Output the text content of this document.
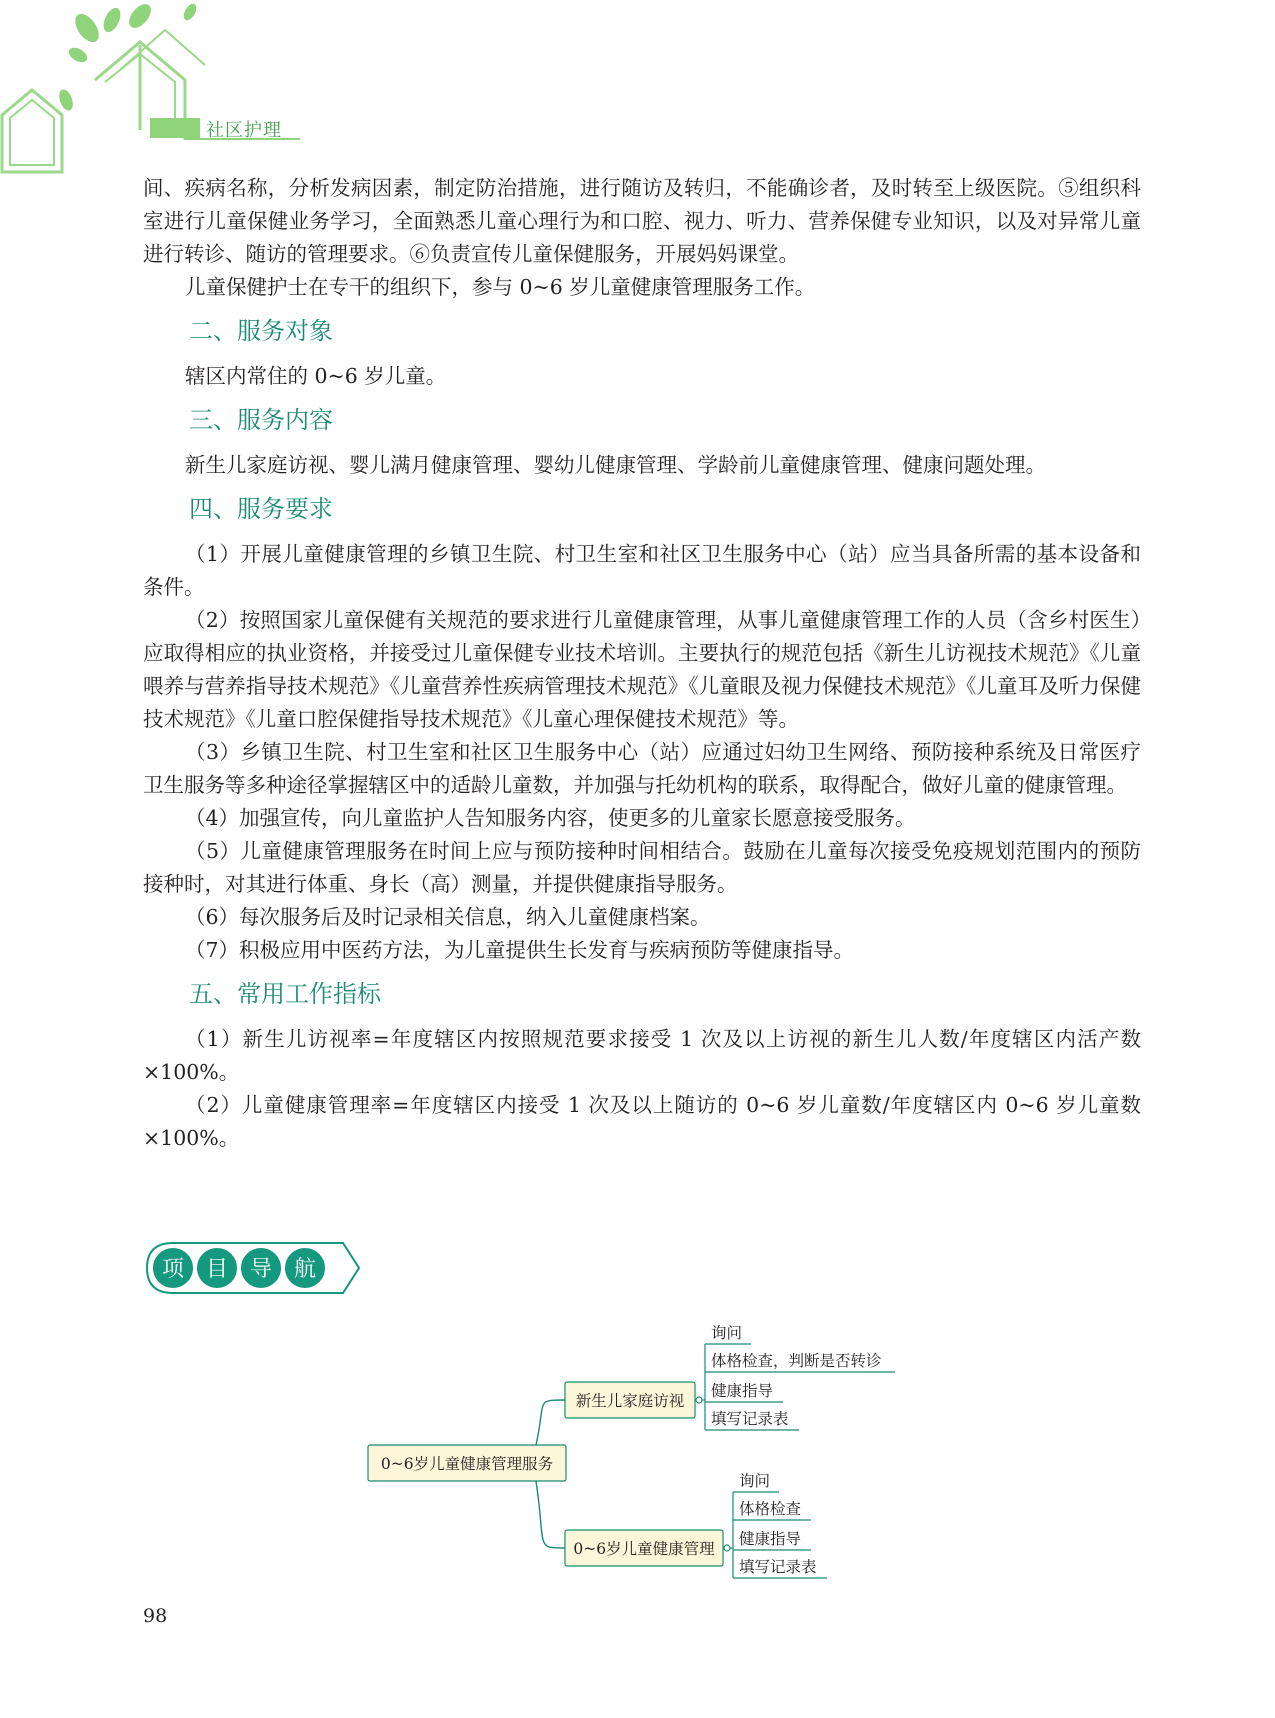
社区护理

间、疾病名称，分析发病因素，制定防治措施，进行随访及转归，不能确诊者，及时转至上级医院。⑤组织科室进行儿童保健业务学习，全面熟悉儿童心理行为和口腔、视力、听力、营养保健专业知识，以及对异常儿童进行转诊、随访的管理要求。⑥负责宣传儿童保健服务，开展妈妈课堂。

儿童保健护士在专干的组织下，参与 0~6 岁儿童健康管理服务工作。

二、服务对象

辖区内常住的 0~6 岁儿童。

三、服务内容

新生儿家庭访视、婴儿满月健康管理、婴幼儿健康管理、学龄前儿童健康管理、健康问题处理。

四、服务要求

（1）开展儿童健康管理的乡镇卫生院、村卫生室和社区卫生服务中心（站）应当具备所需的基本设备和条件。

（2）按照国家儿童保健有关规范的要求进行儿童健康管理，从事儿童健康管理工作的人员（含乡村医生）应取得相应的执业资格，并接受过儿童保健专业技术培训。主要执行的规范包括《新生儿访视技术规范》《儿童喂养与营养指导技术规范》《儿童营养性疾病管理技术规范》《儿童眼及视力保健技术规范》《儿童耳及听力保健技术规范》《儿童口腔保健指导技术规范》《儿童心理保健技术规范》等。

（3）乡镇卫生院、村卫生室和社区卫生服务中心（站）应通过妇幼卫生网络、预防接种系统及日常医疗卫生服务等多种途径掌握辖区中的适龄儿童数，并加强与托幼机构的联系，取得配合，做好儿童的健康管理。

（4）加强宣传，向儿童监护人告知服务内容，使更多的儿童家长愿意接受服务。

（5）儿童健康管理服务在时间上应与预防接种时间相结合。鼓励在儿童每次接受免疫规划范围内的预防接种时，对其进行体重、身长（高）测量，并提供健康指导服务。

（6）每次服务后及时记录相关信息，纳入儿童健康档案。

（7）积极应用中医药方法，为儿童提供生长发育与疾病预防等健康指导。

五、常用工作指标

（1）新生儿访视率=年度辖区内按照规范要求接受 1 次及以上访视的新生儿人数/年度辖区内活产数×100%。

（2）儿童健康管理率=年度辖区内接受 1 次及以上随访的 0~6 岁儿童数/年度辖区内 0~6 岁儿童数×100%。

项 目 导 航
0~6岁儿童健康管理服务
新生儿家庭访视
询问
体格检查，判断是否转诊
健康指导
填写记录表
0~6岁儿童健康管理
询问
体格检查
健康指导
填写记录表
98
